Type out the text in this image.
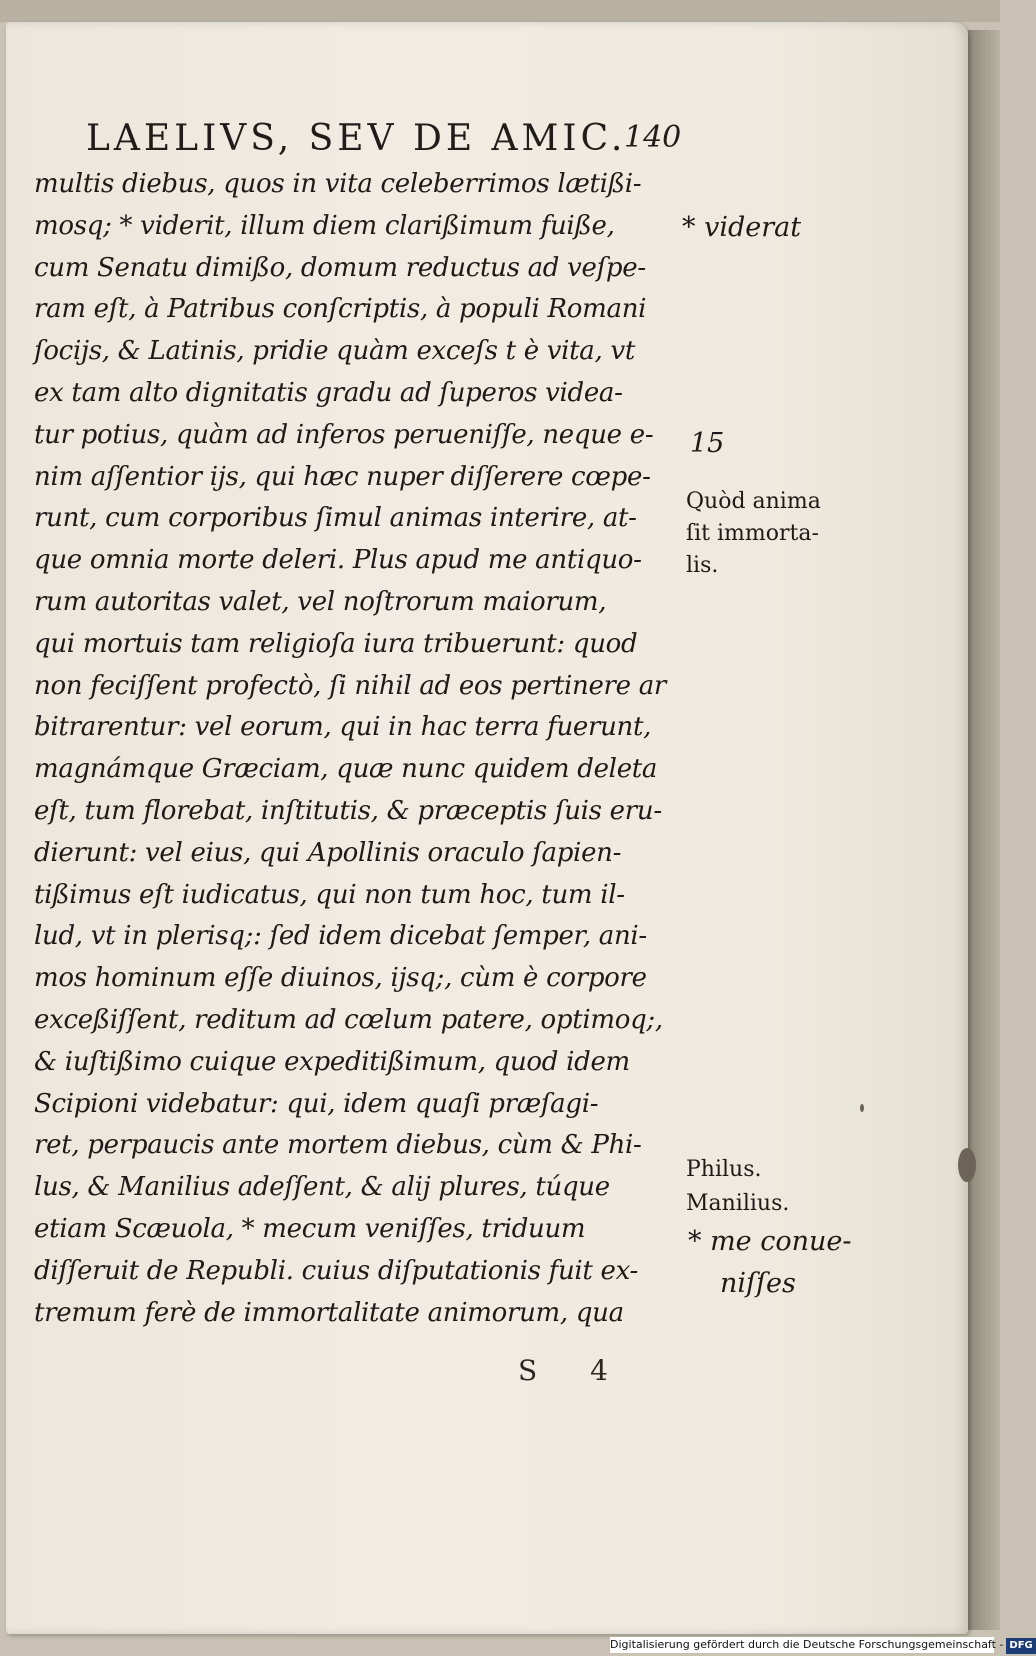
LAELIVS, SEV DE AMIC.
140
multis diebus, quos in vita celeberrimos lætißi-
mosq; * viderit, illum diem clarißimum fuiße,
cum Senatu dimißo, domum reductus ad veſpe-
ram eſt, à Patribus conſcriptis, à populi Romani
ſocijs, & Latinis, pridie quàm exceſs t è vita, vt
ex tam alto dignitatis gradu ad ſuperos videa-
tur potius, quàm ad inferos perueniſſe, neque e-
nim aſſentior ijs, qui hæc nuper diſſerere cœpe-
runt, cum corporibus ſimul animas interire, at-
que omnia morte deleri. Plus apud me antiquo-
rum autoritas valet, vel noſtrorum maiorum,
qui mortuis tam religioſa iura tribuerunt: quod
non feciſſent profectò, ſi nihil ad eos pertinere ar
bitrarentur: vel eorum, qui in hac terra fuerunt,
magnámque Græciam, quæ nunc quidem deleta
eſt, tum florebat, inſtitutis, & præceptis ſuis eru-
dierunt: vel eius, qui Apollinis oraculo ſapien-
tißimus eſt iudicatus, qui non tum hoc, tum il-
lud, vt in plerisq;: ſed idem dicebat ſemper, ani-
mos hominum eſſe diuinos, ijsq;, cùm è corpore
exceßiſſent, reditum ad cœlum patere, optimoq;,
& iuſtißimo cuique expeditißimum, quod idem
Scipioni videbatur: qui, idem quaſi præſagi-
ret, perpaucis ante mortem diebus, cùm & Phi-
lus, & Manilius adeſſent, & alij plures, túque
etiam Scæuola, * mecum veniſſes, triduum
diſſeruit de Republi. cuius diſputationis fuit ex-
tremum ferè de immortalitate animorum, qua
* viderat
15
Quòd anima
ſit immorta-
lis.
Philus.
Manilius.
* me conue-
niſſes
S 4
Digitalisierung gefördert durch die Deutsche Forschungsgemeinschaft - DFG
